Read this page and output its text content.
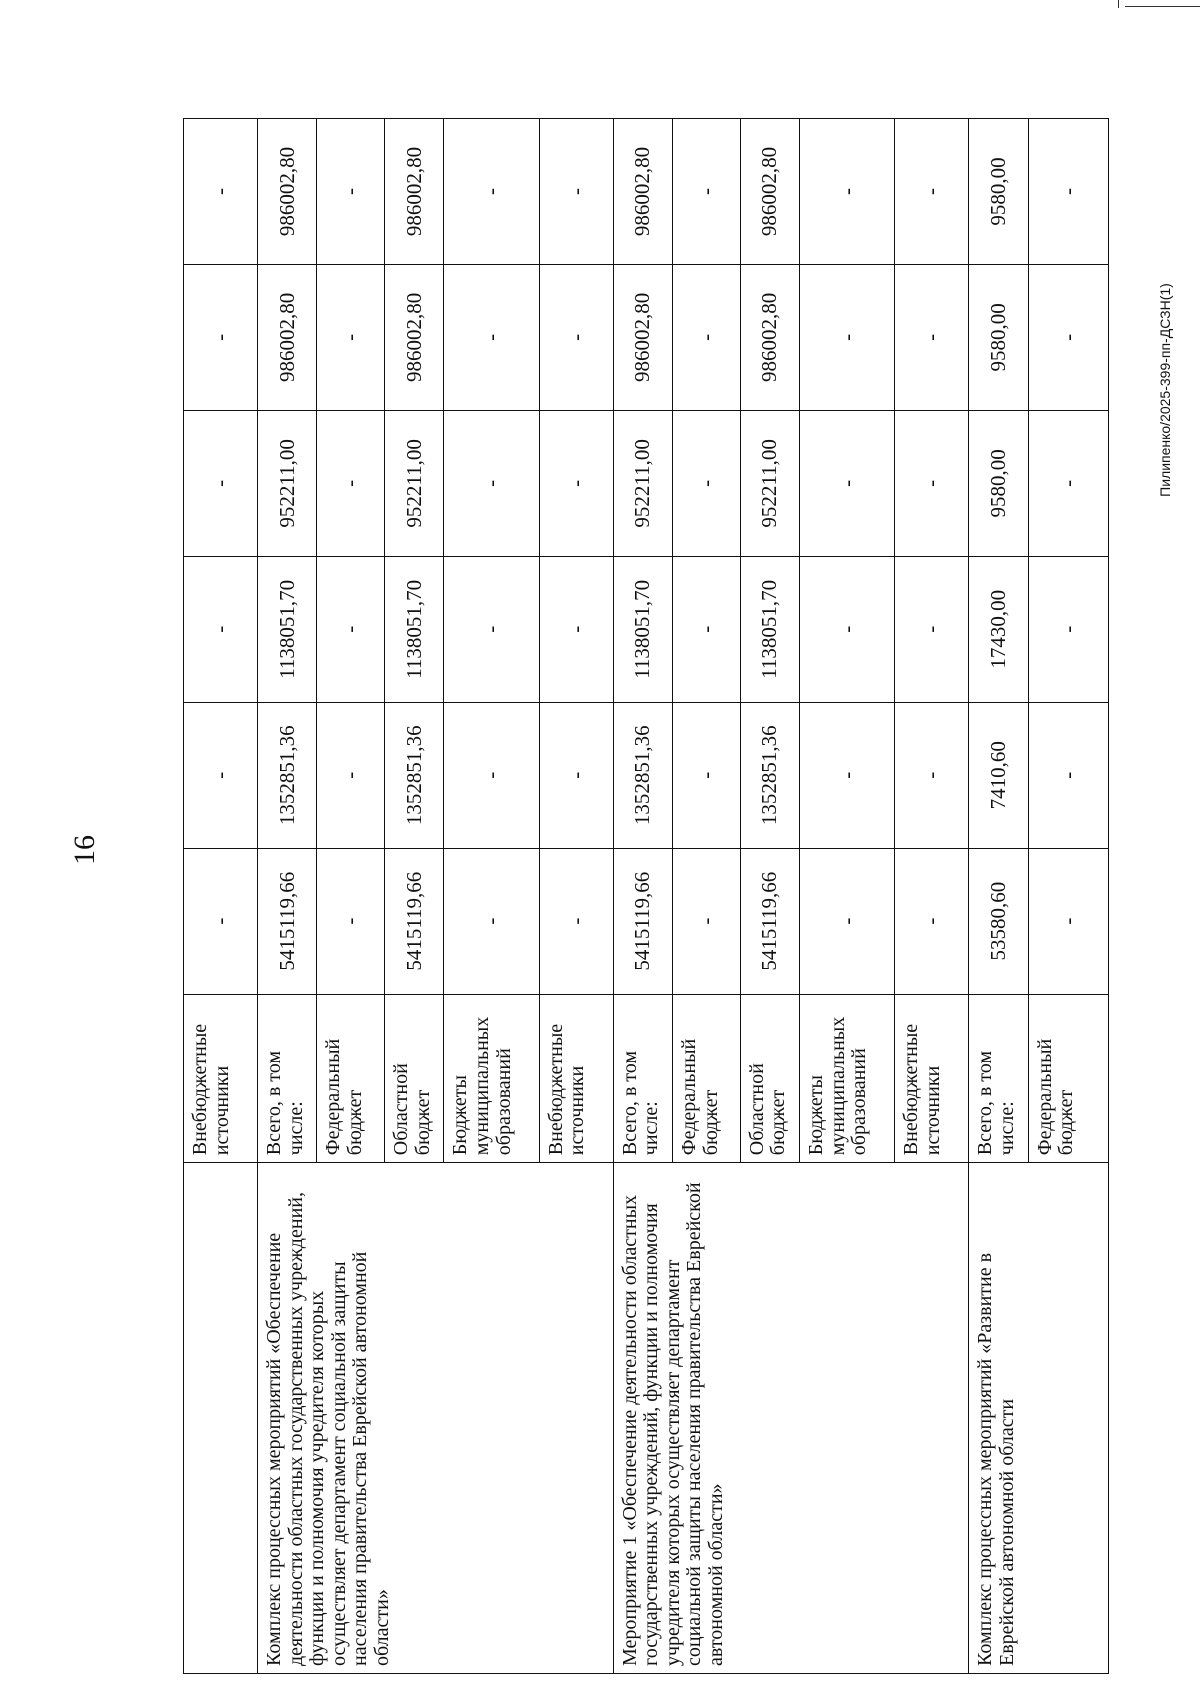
16
Пилипенко/2025-399-пп-ДСЗН(1)
	Внебюджетные источники	-	-	-	-	-	-
Комплекс процессных мероприятий «Обеспечение деятельности областных государственных учреждений, функции и полномочия учредителя которых осуществляет департамент социальной защиты населения правительства Еврейской автономной области»	Всего, в том числе:	5415119,66	1352851,36	1138051,70	952211,00	986002,80	986002,80
	Федеральный бюджет	-	-	-	-	-	-
	Областной бюджет	5415119,66	1352851,36	1138051,70	952211,00	986002,80	986002,80
	Бюджеты муниципальных образований	-	-	-	-	-	-
	Внебюджетные источники	-	-	-	-	-	-
Мероприятие 1 «Обеспечение деятельности областных государственных учреждений, функции и полномочия учредителя которых осуществляет департамент социальной защиты населения правительства Еврейской автономной области»	Всего, в том числе:	5415119,66	1352851,36	1138051,70	952211,00	986002,80	986002,80
	Федеральный бюджет	-	-	-	-	-	-
	Областной бюджет	5415119,66	1352851,36	1138051,70	952211,00	986002,80	986002,80
	Бюджеты муниципальных образований	-	-	-	-	-	-
	Внебюджетные источники	-	-	-	-	-	-
Комплекс процессных мероприятий «Развитие в Еврейской автономной области	Всего, в том числе:	53580,60	7410,60	17430,00	9580,00	9580,00	9580,00
	Федеральный бюджет	-	-	-	-	-	-
